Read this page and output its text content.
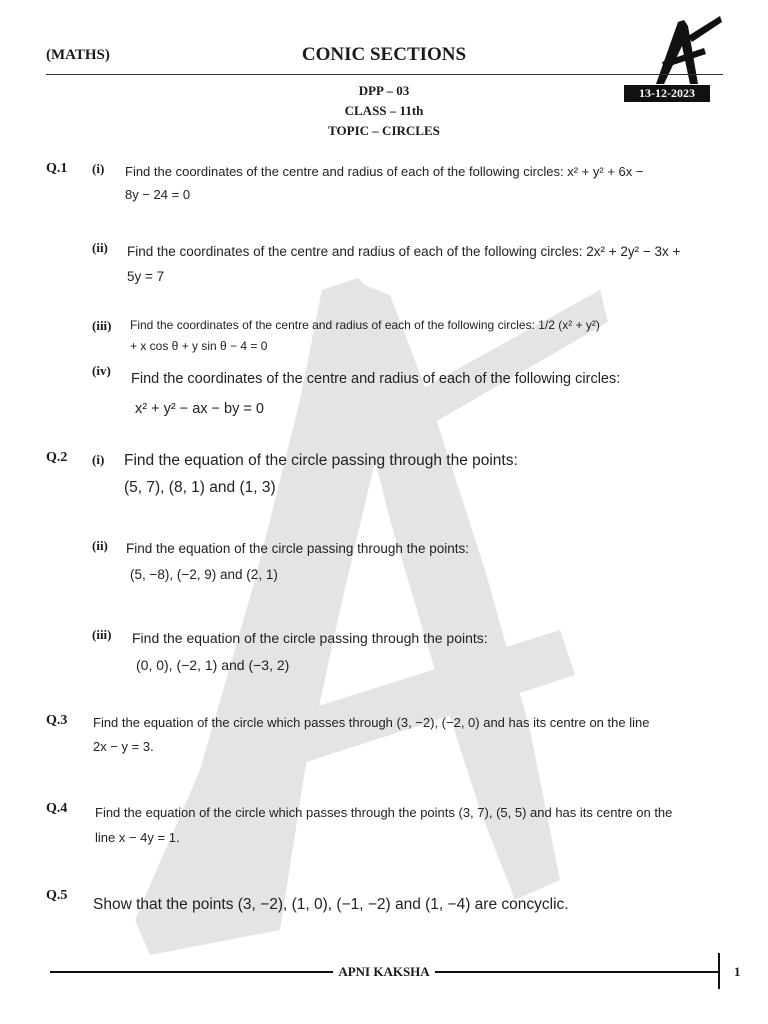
(MATHS)	CONIC SECTIONS
13-12-2023
DPP – 03
CLASS – 11th
TOPIC – CIRCLES
Q.1 (i) Find the coordinates of the centre and radius of each of the following circles: x² + y² + 6x −
8y − 24 = 0
(ii) Find the coordinates of the centre and radius of each of the following circles: 2x² + 2y² − 3x +
5y = 7
(iii) Find the coordinates of the centre and radius of each of the following circles: 1/2 (x² + y²)
+ x cos θ + y sin θ − 4 = 0
(iv)
Find the coordinates of the centre and radius of each of the following circles:
x² + y² − ax − by = 0
Q.2 (i) Find the equation of the circle passing through the points:
(5, 7), (8, 1) and (1, 3)
(ii) Find the equation of the circle passing through the points:
(5, −8), (−2, 9) and (2, 1)
(iii) Find the equation of the circle passing through the points:
(0, 0), (−2, 1) and (−3, 2)
Q.3 Find the equation of the circle which passes through (3, −2), (−2, 0) and has its centre on the line
2x − y = 3.
Q.4 Find the equation of the circle which passes through the points (3, 7), (5, 5) and has its centre on the
line x − 4y = 1.
Q.5
Show that the points (3, −2), (1, 0), (−1, −2) and (1, −4) are concyclic.
APNI KAKSHA	1
